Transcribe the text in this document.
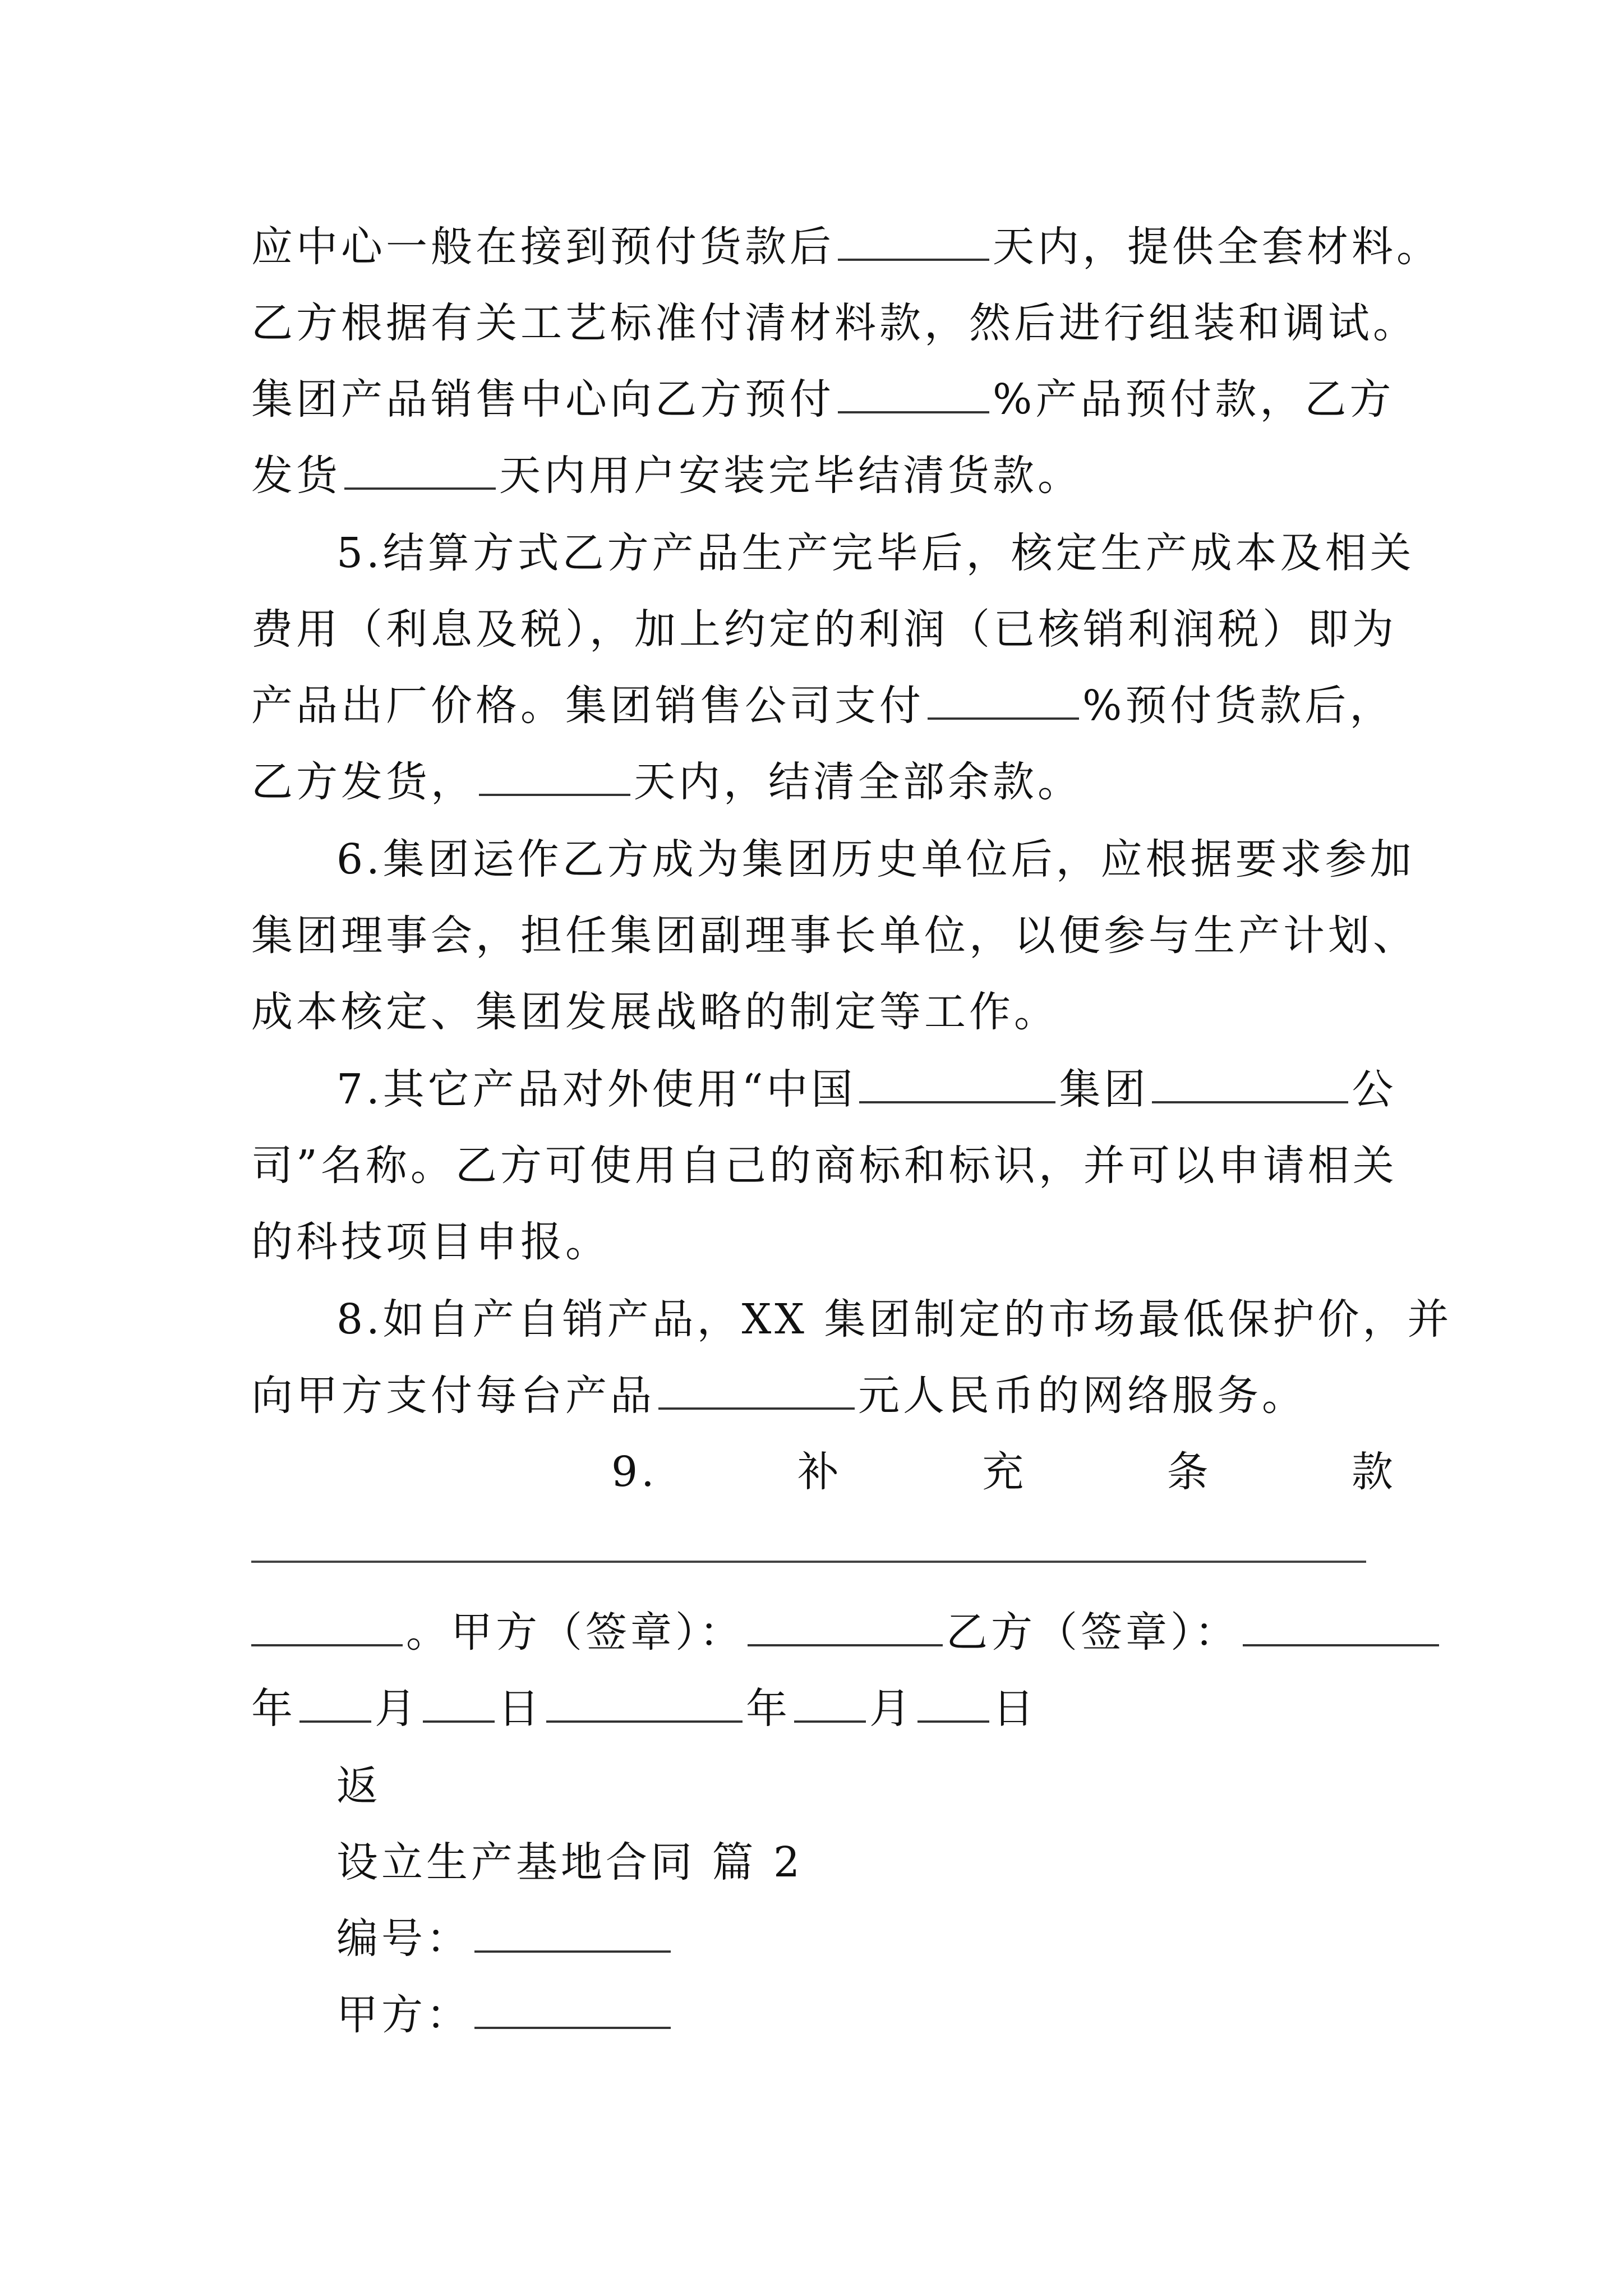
应中心一般在接到预付货款后	天内，提供全套材料。
乙方根据有关工艺标准付清材料款，然后进行组装和调试。
集团产品销售中心向乙方预付	%产品预付款，乙方
发货	天内用户安装完毕结清货款。
5.结算方式乙方产品生产完毕后，核定生产成本及相关
费用（利息及税），加上约定的利润（已核销利润税）即为
产品出厂价格。集团销售公司支付	%预付货款后，
乙方发货，	天内，结清全部余款。
6.集团运作乙方成为集团历史单位后，应根据要求参加
集团理事会，担任集团副理事长单位，以便参与生产计划、
成本核定、集团发展战略的制定等工作。
7.其它产品对外使用“中国	集团	公
司”名称。乙方可使用自己的商标和标识，并可以申请相关
的科技项目申报。
8.如自产自销产品，XX 集团制定的市场最低保护价，并
向甲方支付每台产品	元人民币的网络服务。
9.	补	充	条	款
。甲方（签章）：	乙方（签章）：
年 月 日	年 月 日
返
设立生产基地合同 篇 2
编号：
甲方：
